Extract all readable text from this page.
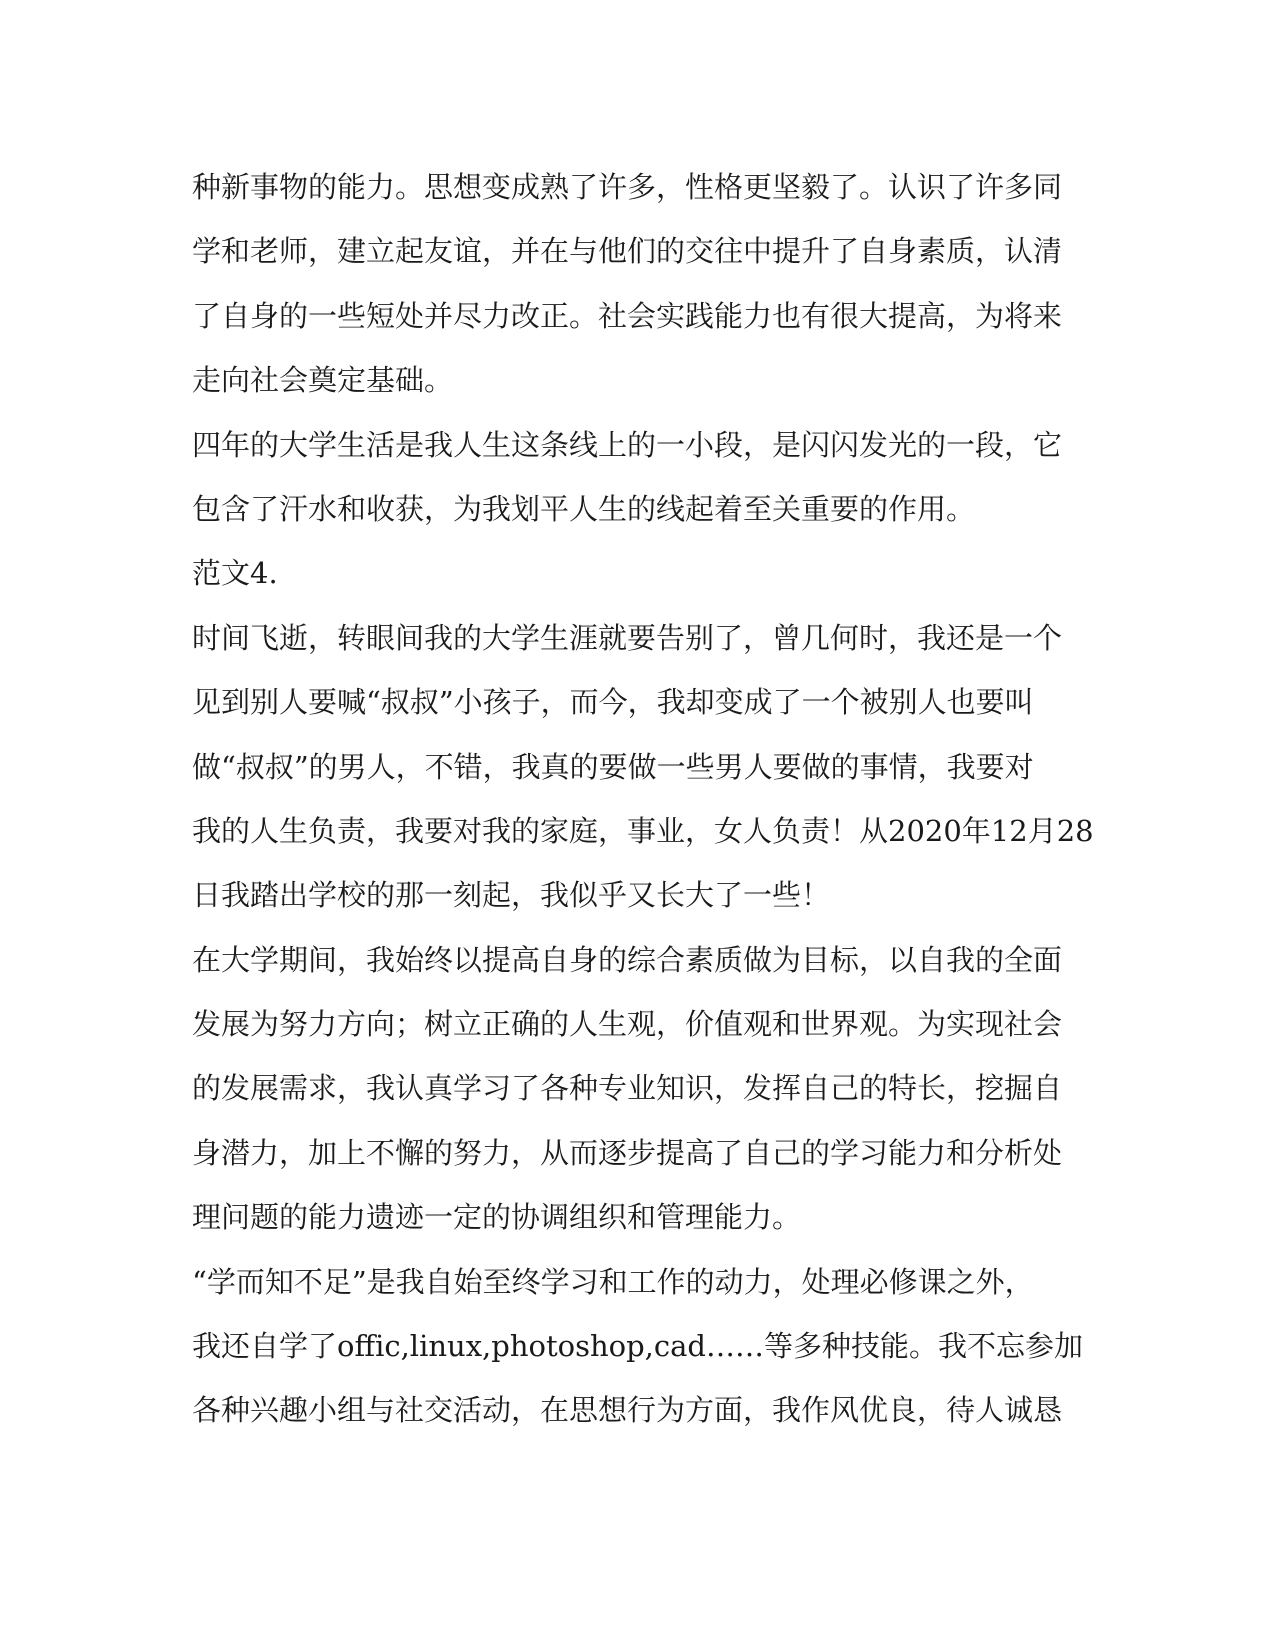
种新事物的能力。思想变成熟了许多，性格更坚毅了。认识了许多同
学和老师，建立起友谊，并在与他们的交往中提升了自身素质，认清
了自身的一些短处并尽力改正。社会实践能力也有很大提高，为将来
走向社会奠定基础。
四年的大学生活是我人生这条线上的一小段，是闪闪发光的一段，它
包含了汗水和收获，为我划平人生的线起着至关重要的作用。
范文4.
时间飞逝，转眼间我的大学生涯就要告别了，曾几何时，我还是一个
见到别人要喊“叔叔”小孩子，而今，我却变成了一个被别人也要叫
做“叔叔”的男人，不错，我真的要做一些男人要做的事情，我要对
我的人生负责，我要对我的家庭，事业，女人负责！从2020年12月28
日我踏出学校的那一刻起，我似乎又长大了一些！
在大学期间，我始终以提高自身的综合素质做为目标，以自我的全面
发展为努力方向；树立正确的人生观，价值观和世界观。为实现社会
的发展需求，我认真学习了各种专业知识，发挥自己的特长，挖掘自
身潜力，加上不懈的努力，从而逐步提高了自己的学习能力和分析处
理问题的能力遗迹一定的协调组织和管理能力。
“学而知不足”是我自始至终学习和工作的动力，处理必修课之外，
我还自学了offic,linux,photoshop,cad……等多种技能。我不忘参加
各种兴趣小组与社交活动，在思想行为方面，我作风优良，待人诚恳
